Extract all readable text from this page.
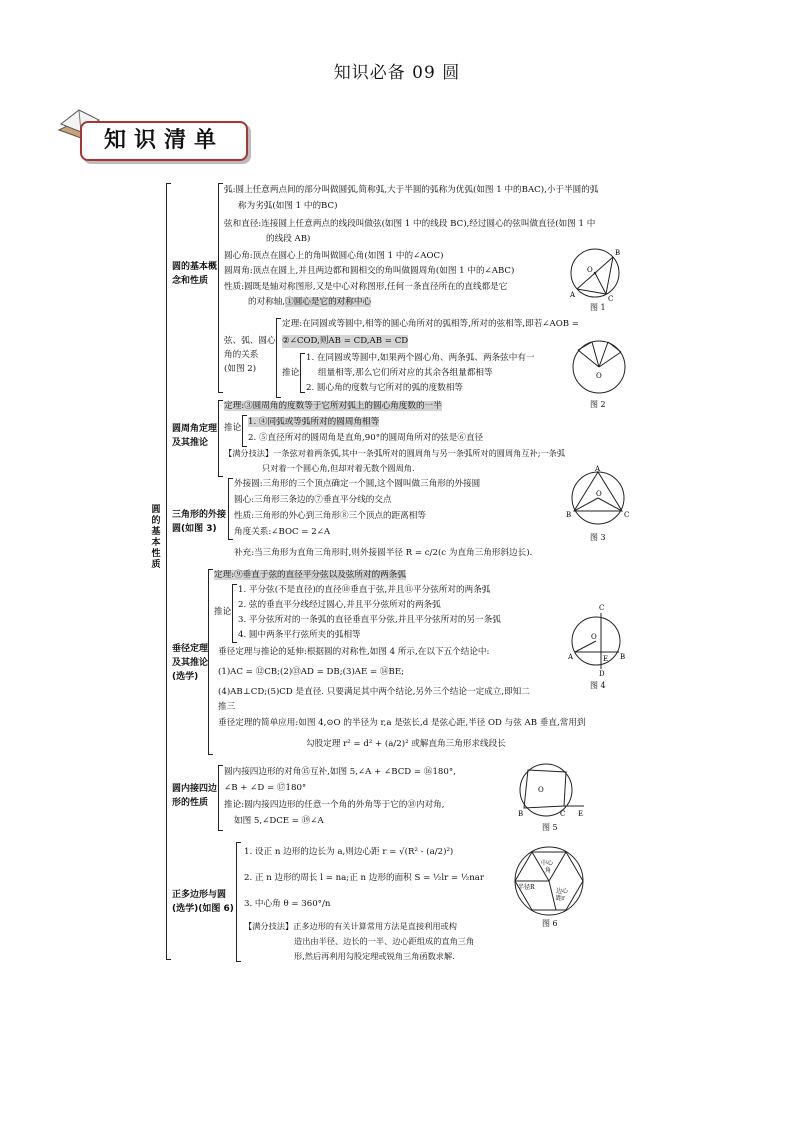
知识必备 09 圆
知识清单
圆的基本性质
圆的基本概
念和性质
弧:圆上任意两点间的部分叫做圆弧,简称弧,大于半圆的弧称为优弧(如图 1 中的BAC),小于半圆的弧
称为劣弧(如图 1 中的BC)
弦和直径:连接圆上任意两点的线段叫做弦(如图 1 中的线段 BC),经过圆心的弦叫做直径(如图 1 中
的线段 AB)
圆心角:顶点在圆心上的角叫做圆心角(如图 1 中的∠AOC)
圆周角:顶点在圆上,并且两边都和圆相交的角叫做圆周角(如图 1 中的∠ABC)
性质:圆既是轴对称图形,又是中心对称图形,任何一条直径所在的直线都是它
的对称轴,①圆心是它的对称中心
弦、弧、圆心
角的关系
(如图 2)
定理:在同圆或等圆中,相等的圆心角所对的弧相等,所对的弦相等,即若∠AOB =
②∠COD,则AB = CD,AB = CD
推论
1. 在同圆或等圆中,如果两个圆心角、两条弧、两条弦中有一
组量相等,那么它们所对应的其余各组量都相等
2. 圆心角的度数与它所对的弧的度数相等
O
B
A	C
图 1
O
图 2
圆周角定理
及其推论
定理:③圆周角的度数等于它所对弧上的圆心角度数的一半
推论
1. ④同弧或等弧所对的圆周角相等
2. ⑤直径所对的圆周角是直角,90°的圆周角所对的弦是⑥直径
【满分技法】一条弦对着两条弧,其中一条弧所对的圆周角与另一条弧所对的圆周角互补;一条弧
只对着一个圆心角,但却对着无数个圆周角.
三角形的外接
圆(如图 3)
外接圆:三角形的三个顶点确定一个圆,这个圆叫做三角形的外接圆
圆心:三角形三条边的⑦垂直平分线的交点
性质:三角形的外心到三角形⑧三个顶点的距离相等
角度关系:∠BOC = 2∠A
补充:当三角形为直角三角形时,则外接圆半径 R = c/2(c 为直角三角形斜边长).
A
B	C
O
图 3
垂径定理
及其推论
(选学)
定理:⑨垂直于弦的直径平分弦以及弦所对的两条弧
推论
1. 平分弦(不是直径)的直径⑩垂直于弦,并且⑪平分弦所对的两条弧
2. 弦的垂直平分线经过圆心,并且平分弦所对的两条弧
3. 平分弦所对的一条弧的直径垂直平分弦,并且平分弦所对的另一条弧
4. 圆中两条平行弦所夹的弧相等
垂径定理与推论的延伸:根据圆的对称性,如图 4 所示,在以下五个结论中:
(1)AC = ⑫CB;(2)⑬AD = DB;(3)AE = ⑭BE;
(4)AB⊥CD;(5)CD 是直径. 只要满足其中两个结论,另外三个结论一定成立,即知二
推三
垂径定理的简单应用:如图 4,⊙O 的半径为 r,a 是弦长,d 是弦心距,半径 OD 与弦 AB 垂直,常用到
勾股定理 r² = d² + (a/2)² 或解直角三角形求线段长
C
A	B
D
O
E
图 4
圆内接四边
形的性质
圆内接四边形的对角⑮互补,如图 5,∠A + ∠BCD = ⑯180°,
∠B + ∠D = ⑰180°
推论:圆内接四边形的任意一个角的外角等于它的⑱内对角,
如图 5,∠DCE = ⑲∠A
O
B	C E
图 5
正多边形与圆
(选学)(如图 6)
1. 设正 n 边形的边长为 a,则边心距 r = √(R² - (a/2)²)
2. 正 n 边形的周长 l = na;正 n 边形的面积 S = ½lr = ½nar
3. 中心角 θ = 360°/n
【满分技法】正多边形的有关计算常用方法是直接利用或构
造出由半径、边长的一半、边心距组成的直角三角
形,然后再利用勾股定理或锐角三角函数求解.
中心
角
半径R
边心
距r
图 6
